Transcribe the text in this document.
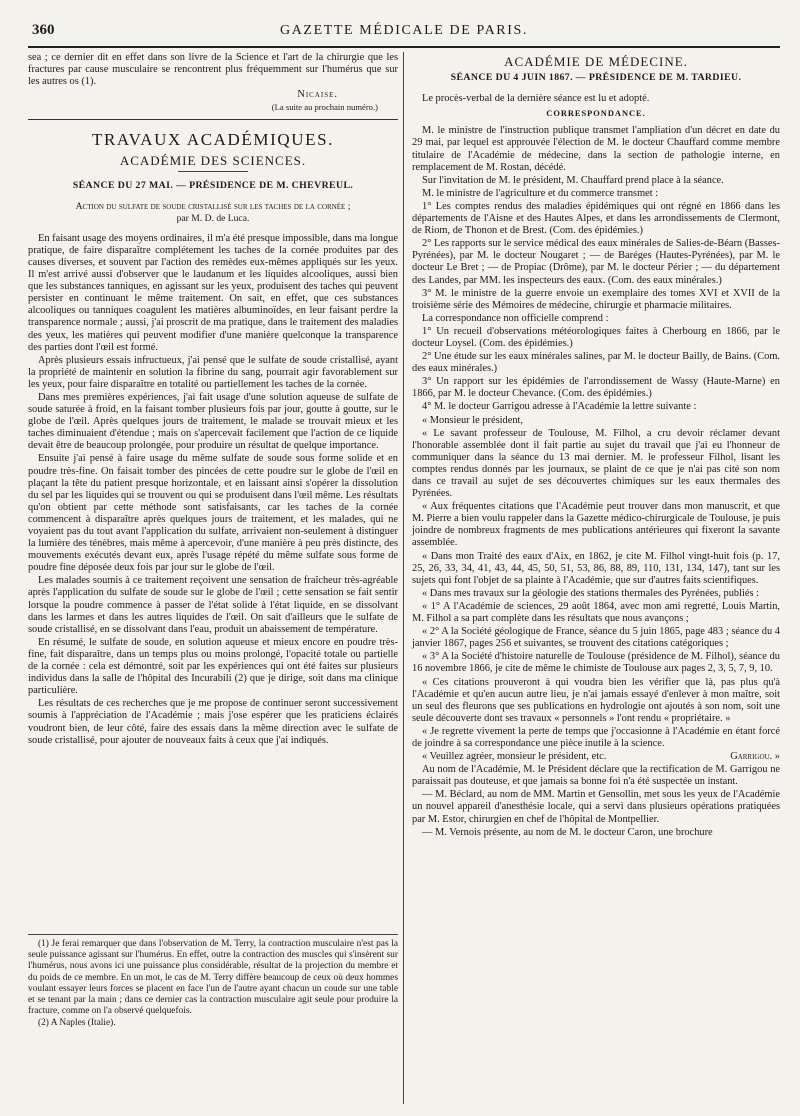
360	GAZETTE MÉDICALE DE PARIS.

sea ; ce dernier dit en effet dans son livre de la Science et l'art de la chirurgie que les fractures par cause musculaire se rencontrent plus fréquemment sur l'humérus que sur les autres os (1).

Nicaise.
(La suite au prochain numéro.)
TRAVAUX ACADÉMIQUES.
ACADÉMIE DES SCIENCES.
SÉANCE DU 27 MAI. — PRÉSIDENCE DE M. CHEVREUL.
Action du sulfate de soude cristallisé sur les taches de la cornée ;
par M. D. de Luca.

En faisant usage des moyens ordinaires, il m'a été presque impossible, dans ma longue pratique, de faire disparaître complétement les taches de la cornée produites par des causes diverses, et souvent par l'action des remèdes eux-mêmes appliqués sur les yeux. Il m'est arrivé aussi d'observer que le laudanum et les liquides alcooliques, aussi bien que les substances tanniques, en agissant sur les yeux, produisent des taches qui peuvent persister en continuant le même traitement. On sait, en effet, que ces substances alcooliques ou tanniques coagulent les matières albuminoïdes, en leur faisant perdre la transparence normale ; aussi, j'ai proscrit de ma pratique, dans le traitement des maladies des yeux, les matières qui peuvent modifier d'une manière quelconque la transparence des parties dont l'œil est formé.

Après plusieurs essais infructueux, j'ai pensé que le sulfate de soude cristallisé, ayant la propriété de maintenir en solution la fibrine du sang, pourrait agir favorablement sur les yeux, pour faire disparaître en totalité ou partiellement les taches de la cornée.

Dans mes premières expériences, j'ai fait usage d'une solution aqueuse de sulfate de soude saturée à froid, en la faisant tomber plusieurs fois par jour, goutte à goutte, sur le globe de l'œil. Après quelques jours de traitement, le malade se trouvait mieux et les taches diminuaient d'étendue ; mais on s'apercevait facilement que l'action de ce liquide devait être de beaucoup prolongée, pour produire un résultat de quelque importance.

Ensuite j'ai pensé à faire usage du même sulfate de soude sous forme solide et en poudre très-fine. On faisait tomber des pincées de cette poudre sur le globe de l'œil en plaçant la tête du patient presque horizontale, et en laissant ainsi s'opérer la dissolution du sel par les liquides qui se trouvent ou qui se produisent dans l'œil même. Les résultats qu'on obtient par cette méthode sont satisfaisants, car les taches de la cornée commencent à disparaître après quelques jours de traitement, et les malades, qui ne voyaient pas du tout avant l'application du sulfate, arrivaient non-seulement à distinguer la lumière des ténèbres, mais même à apercevoir, d'une manière à peu près distincte, des mouvements exécutés devant eux, après l'usage répété du même sulfate sous forme de poudre fine déposée deux fois par jour sur le globe de l'œil.

Les malades soumis à ce traitement reçoivent une sensation de fraîcheur très-agréable après l'application du sulfate de soude sur le globe de l'œil ; cette sensation se fait sentir lorsque la poudre commence à passer de l'état solide à l'état liquide, en se dissolvant dans les larmes et dans les autres liquides de l'œil. On sait d'ailleurs que le sulfate de soude cristallisé, en se dissolvant dans l'eau, produit un abaissement de température.

En résumé, le sulfate de soude, en solution aqueuse et mieux encore en poudre très-fine, fait disparaître, dans un temps plus ou moins prolongé, l'opacité totale ou partielle de la cornée : cela est démontré, soit par les expériences qui ont été faites sur plusieurs individus dans la salle de l'hôpital des Incurabili (2) que je dirige, soit dans ma clinique particulière.

Les résultats de ces recherches que je me propose de continuer seront successivement soumis à l'appréciation de l'Académie ; mais j'ose espérer que les praticiens éclairés voudront bien, de leur côté, faire des essais dans la même direction avec le sulfate de soude cristallisé, pour ajouter de nouveaux faits à ceux que j'ai indiqués.

(1) Je ferai remarquer que dans l'observation de M. Terry, la contraction musculaire n'est pas la seule puissance agissant sur l'humérus. En effet, outre la contraction des muscles qui s'insèrent sur l'humérus, nous avons ici une puissance plus considérable, résultat de la projection du membre et du poids de ce membre. En un mot, le cas de M. Terry diffère beaucoup de ceux où deux hommes voulant essayer leurs forces se placent en face l'un de l'autre ayant chacun un coude sur une table et se tenant par la main ; dans ce dernier cas la contraction musculaire agit seule pour produire la fracture, comme on l'a observé quelquefois.

(2) A Naples (Italie).

ACADÉMIE DE MÉDECINE.
SÉANCE DU 4 JUIN 1867. — PRÉSIDENCE DE M. TARDIEU.

Le procès-verbal de la dernière séance est lu et adopté.

CORRESPONDANCE.

M. le ministre de l'instruction publique transmet l'ampliation d'un décret en date du 29 mai, par lequel est approuvée l'élection de M. le docteur Chauffard comme membre titulaire de l'Académie de médecine, dans la section de pathologie interne, en remplacement de M. Rostan, décédé.

Sur l'invitation de M. le président, M. Chauffard prend place à la séance.

M. le ministre de l'agriculture et du commerce transmet :

1° Les comptes rendus des maladies épidémiques qui ont régné en 1866 dans les départements de l'Aisne et des Hautes Alpes, et dans les arrondissements de Clermont, de Riom, de Thonon et de Brest. (Com. des épidémies.)

2° Les rapports sur le service médical des eaux minérales de Salies-de-Béarn (Basses-Pyrénées), par M. le docteur Nougaret ; — de Baréges (Hautes-Pyrénées), par M. le docteur Le Bret ; — de Propiac (Drôme), par M. le docteur Périer ; — du département des Landes, par MM. les inspecteurs des eaux. (Com. des eaux minérales.)

3° M. le ministre de la guerre envoie un exemplaire des tomes XVI et XVII de la troisième série des Mémoires de médecine, chirurgie et pharmacie militaires.

La correspondance non officielle comprend :

1° Un recueil d'observations météorologiques faites à Cherbourg en 1866, par le docteur Loysel. (Com. des épidémies.)

2° Une étude sur les eaux minérales salines, par M. le docteur Bailly, de Bains. (Com. des eaux minérales.)

3° Un rapport sur les épidémies de l'arrondissement de Wassy (Haute-Marne) en 1866, par M. le docteur Chevance. (Com. des épidémies.)

4° M. le docteur Garrigou adresse à l'Académie la lettre suivante :

« Monsieur le président,

« Le savant professeur de Toulouse, M. Filhol, a cru devoir réclamer devant l'honorable assemblée dont il fait partie au sujet du travail que j'ai eu l'honneur de communiquer dans la séance du 13 mai dernier. M. le professeur Filhol, lisant les comptes rendus donnés par les journaux, se plaint de ce que je n'ai pas cité son nom dans ce travail au sujet de ses découvertes chimiques sur les eaux thermales des Pyrénées.

« Aux fréquentes citations que l'Académie peut trouver dans mon manuscrit, et que M. Pierre a bien voulu rappeler dans la Gazette médico-chirurgicale de Toulouse, je puis joindre de nombreux fragments de mes publications antérieures qui fixeront la savante assemblée.

« Dans mon Traité des eaux d'Aix, en 1862, je cite M. Filhol vingt-huit fois (p. 17, 25, 26, 33, 34, 41, 43, 44, 45, 50, 51, 53, 86, 88, 89, 110, 131, 134, 147), tant sur les sujets qui font l'objet de sa plainte à l'Académie, que sur d'autres faits scientifiques.

« Dans mes travaux sur la géologie des stations thermales des Pyrénées, publiés :

« 1° A l'Académie de sciences, 29 août 1864, avec mon ami regretté, Louis Martin, M. Filhol a sa part complète dans les résultats que nous avançons ;

« 2° A la Société géologique de France, séance du 5 juin 1865, page 483 ; séance du 4 janvier 1867, pages 256 et suivantes, se trouvent des citations catégoriques ;

« 3° A la Société d'histoire naturelle de Toulouse (présidence de M. Filhol), séance du 16 novembre 1866, je cite de même le chimiste de Toulouse aux pages 2, 3, 5, 7, 9, 10.

« Ces citations prouveront à qui voudra bien les vérifier que là, pas plus qu'à l'Académie et qu'en aucun autre lieu, je n'ai jamais essayé d'enlever à mon maître, soit un seul des fleurons que ses publications en hydrologie ont ajoutés à son nom, soit une seule découverte dont ses travaux « personnels » l'ont rendu « propriétaire. »

« Je regrette vivement la perte de temps que j'occasionne à l'Académie en étant forcé de joindre à sa correspondance une pièce inutile à la science.

« Veuillez agréer, monsieur le président, etc.	Garrigou. »

Au nom de l'Académie, M. le Président déclare que la rectification de M. Garrigou ne paraissait pas douteuse, et que jamais sa bonne foi n'a été suspectée un instant.

— M. Béclard, au nom de MM. Martin et Gensollin, met sous les yeux de l'Académie un nouvel appareil d'anesthésie locale, qui a servi dans plusieurs opérations pratiquées par M. Estor, chirurgien en chef de l'hôpital de Montpellier.

— M. Vernois présente, au nom de M. le docteur Caron, une brochure
